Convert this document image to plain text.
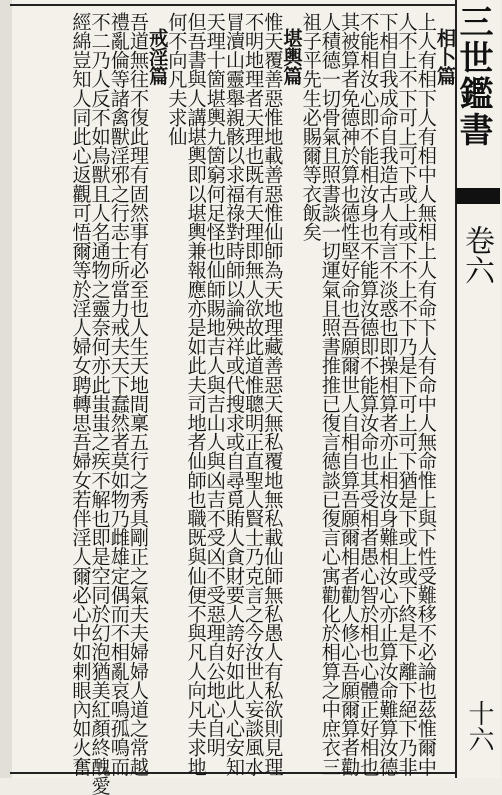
三世鑑書
卷六
十六
相卜篇
上人有相下人有相中人無相上人有命下人有命中人無命惟上與下性受難移不必論也茲惟爾中
人不上不下可上可下或上或下不上不下乃是下可上可下猶是下或上或下終是下離下絕下乃非
下相自我成命自我造古人有言不淡惑也即操相算者亦止相汝身難相汝心亦止算汝命難算汝德
不能相汝心即不能相汝身也不能算汝德即不能算汝命也其受相者愚心智於相也心體正好相也
其被算者免德神於算也德性堅好命也吾願爾世人自相自算吾願爾相者勸人修心吾願爾算者勸
人積德一切骨氣且照書談一切運氣且照書推推已復言德談已復言心寓勸化於相算之中庶衣三
祖子平先生必賜爾等衣飯矣
堪輿篇
惟天覆善惡惟地載善惡惟仙師為天地理藏善惡天無私覆地無私載仙師無私愚人有私欲則見理
不明地理者天理也既有天理即無人欲故此道惟聰明正直聖人賢士乃克言之今汝世人妄談風水
冒瀆山靈舉親骸以求福祿對時師以論殃祥或代搜求或自尋覓賄人貪財要人誇好如此人心安知
天理十箇堪輿九箇窮何足怪也仙師賜地吉人與吉山人與凶吉不受凶不受惡理自公地心自明
但吾書與人講堪輿即以堪輿兼報應亦是如此夫司地者仙師也職既與仙便不與凡人向凡夫求地
何不向凡夫求仙
戒淫篇
吾道無往不復此理有固然事有必至也人生天地間稟五行之秀具剛正之氣夫夫婦婦人道之常越
禮亂倫等諸禽獸淫邪之行志士所當力戒夫天下蠢然者莫如物乃雌雄定偶而不相亂哀鳴孤鳴而
不二乃人反不如鳥獸且人名通物之靈奈何亦此蚩蚩之疾不解也即是空同於幻泡猶美紅顏終醜愛
經綿豈知人同此心返觀可悟爾等於淫人婦女聘轉思吾婦女若伴淫人爾必心中如剌眼內如火奮
